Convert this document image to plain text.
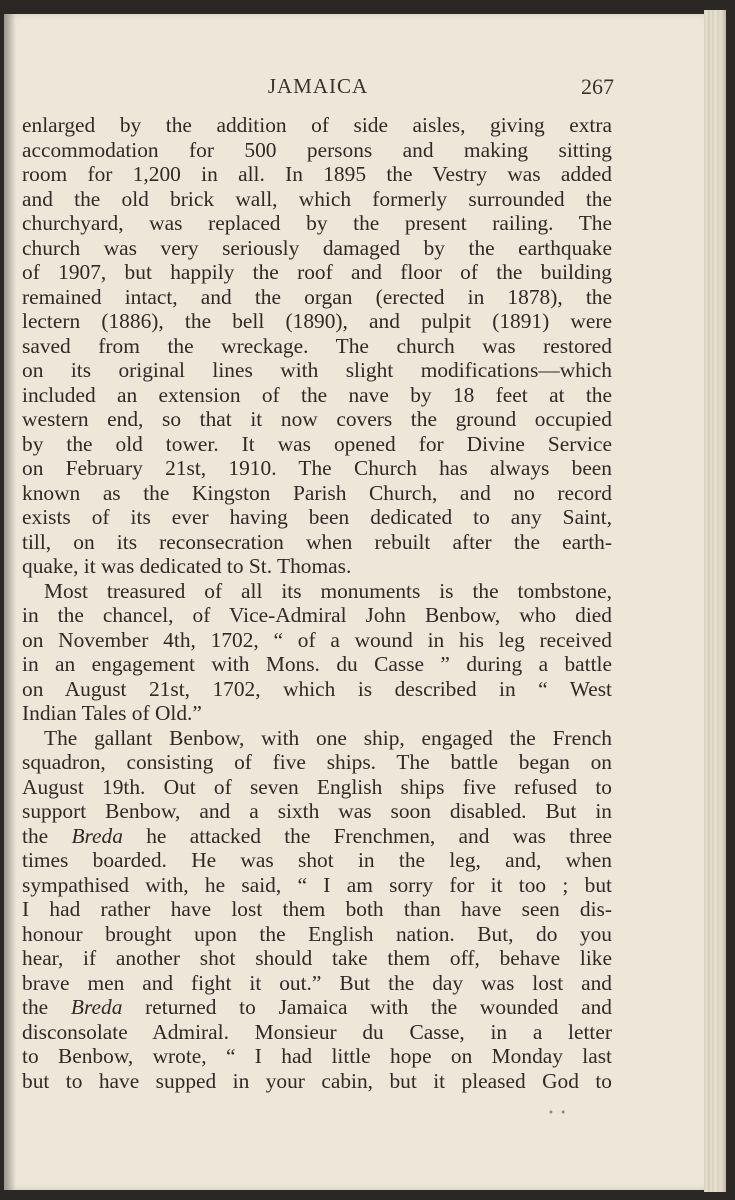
JAMAICA	267

enlarged by the addition of side aisles, giving extra
accommodation for 500 persons and making sitting
room for 1,200 in all. In 1895 the Vestry was added
and the old brick wall, which formerly surrounded the
churchyard, was replaced by the present railing. The
church was very seriously damaged by the earthquake
of 1907, but happily the roof and floor of the building
remained intact, and the organ (erected in 1878), the
lectern (1886), the bell (1890), and pulpit (1891) were
saved from the wreckage. The church was restored
on its original lines with slight modifications—which
included an extension of the nave by 18 feet at the
western end, so that it now covers the ground occupied
by the old tower. It was opened for Divine Service
on February 21st, 1910. The Church has always been
known as the Kingston Parish Church, and no record
exists of its ever having been dedicated to any Saint,
till, on its reconsecration when rebuilt after the earth-
quake, it was dedicated to St. Thomas.

Most treasured of all its monuments is the tombstone,
in the chancel, of Vice-Admiral John Benbow, who died
on November 4th, 1702, “ of a wound in his leg received
in an engagement with Mons. du Casse ” during a battle
on August 21st, 1702, which is described in “ West
Indian Tales of Old.”

The gallant Benbow, with one ship, engaged the French
squadron, consisting of five ships. The battle began on
August 19th. Out of seven English ships five refused to
support Benbow, and a sixth was soon disabled. But in
the Breda he attacked the Frenchmen, and was three
times boarded. He was shot in the leg, and, when
sympathised with, he said, “ I am sorry for it too ; but
I had rather have lost them both than have seen dis-
honour brought upon the English nation. But, do you
hear, if another shot should take them off, behave like
brave men and fight it out.” But the day was lost and
the Breda returned to Jamaica with the wounded and
disconsolate Admiral. Monsieur du Casse, in a letter
to Benbow, wrote, “ I had little hope on Monday last
but to have supped in your cabin, but it pleased God to

•  •
